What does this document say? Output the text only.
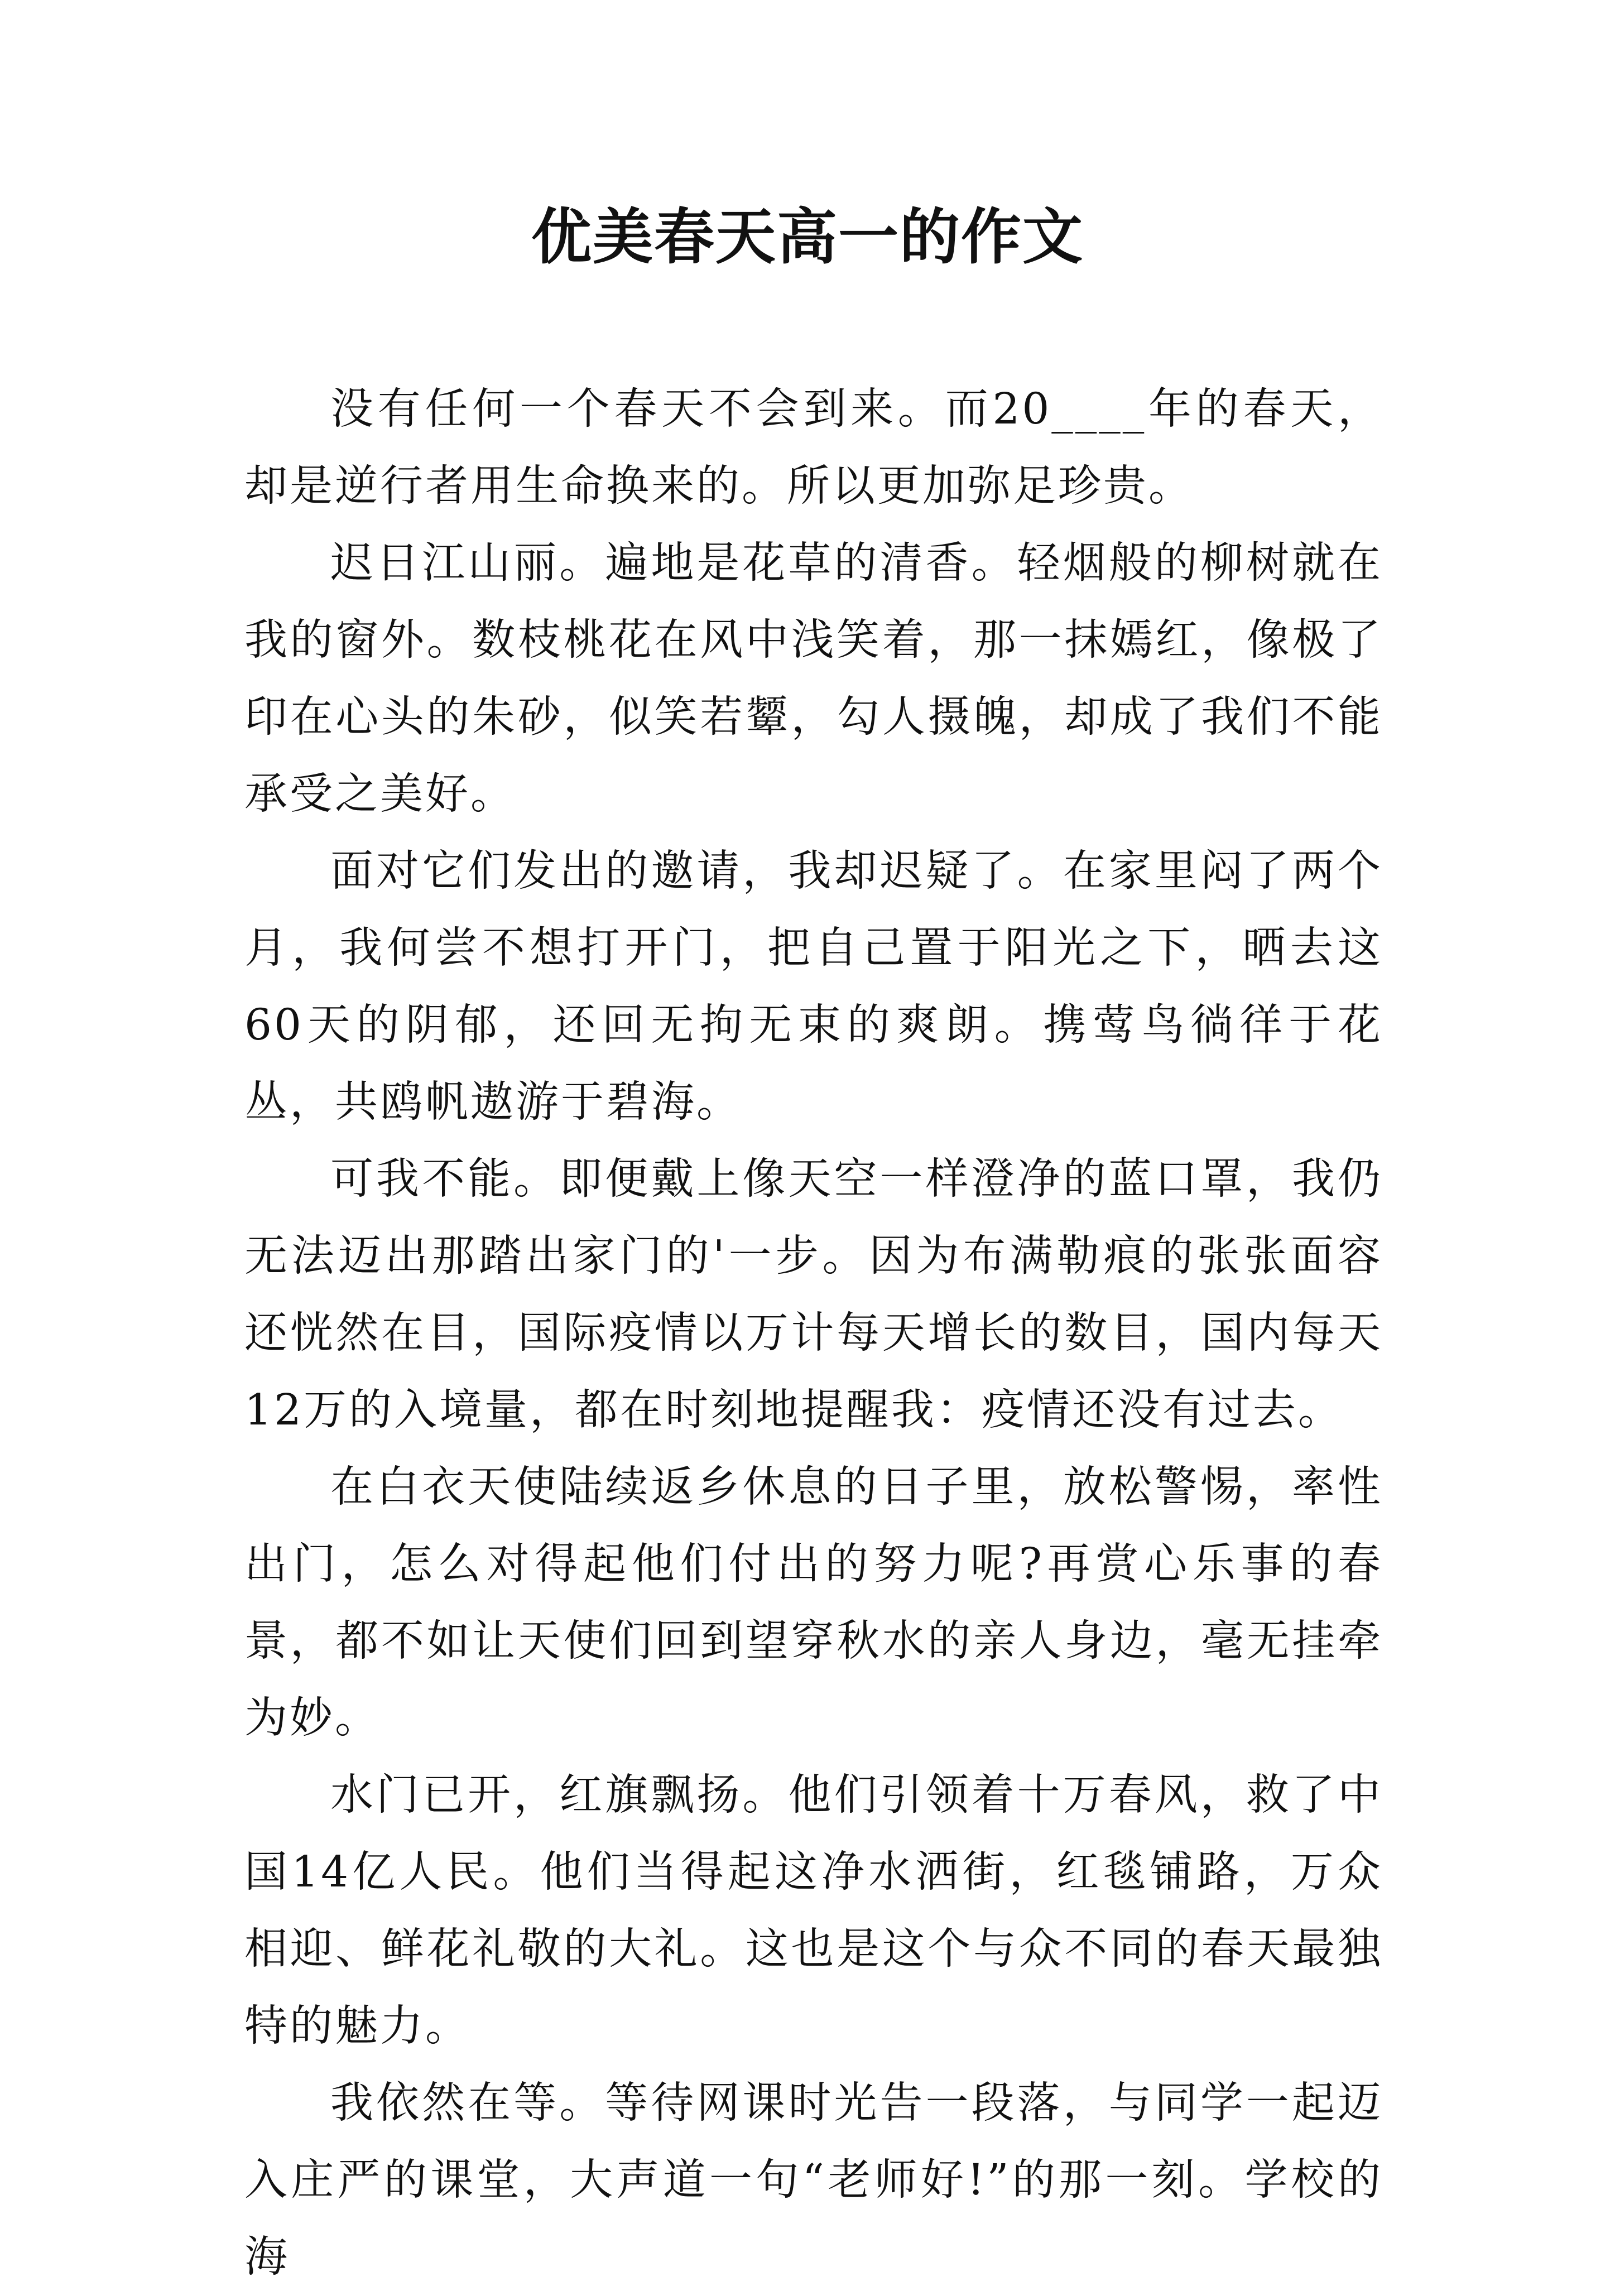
优美春天高一的作文

没有任何一个春天不会到来。而20____年的春天，却是逆行者用生命换来的。所以更加弥足珍贵。

迟日江山丽。遍地是花草的清香。轻烟般的柳树就在我的窗外。数枝桃花在风中浅笑着，那一抹嫣红，像极了印在心头的朱砂，似笑若颦，勾人摄魄，却成了我们不能承受之美好。

面对它们发出的邀请，我却迟疑了。在家里闷了两个月，我何尝不想打开门，把自己置于阳光之下，晒去这60天的阴郁，还回无拘无束的爽朗。携莺鸟徜徉于花丛，共鸥帆遨游于碧海。

可我不能。即便戴上像天空一样澄净的蓝口罩，我仍无法迈出那踏出家门的'一步。因为布满勒痕的张张面容还恍然在目，国际疫情以万计每天增长的数目，国内每天12万的入境量，都在时刻地提醒我：疫情还没有过去。

在白衣天使陆续返乡休息的日子里，放松警惕，率性出门，怎么对得起他们付出的努力呢?再赏心乐事的春景，都不如让天使们回到望穿秋水的亲人身边，毫无挂牵为妙。

水门已开，红旗飘扬。他们引领着十万春风，救了中国14亿人民。他们当得起这净水洒街，红毯铺路，万众相迎、鲜花礼敬的大礼。这也是这个与众不同的春天最独特的魅力。

我依然在等。等待网课时光告一段落，与同学一起迈入庄严的课堂，大声道一句“老师好!”的那一刻。学校的海
